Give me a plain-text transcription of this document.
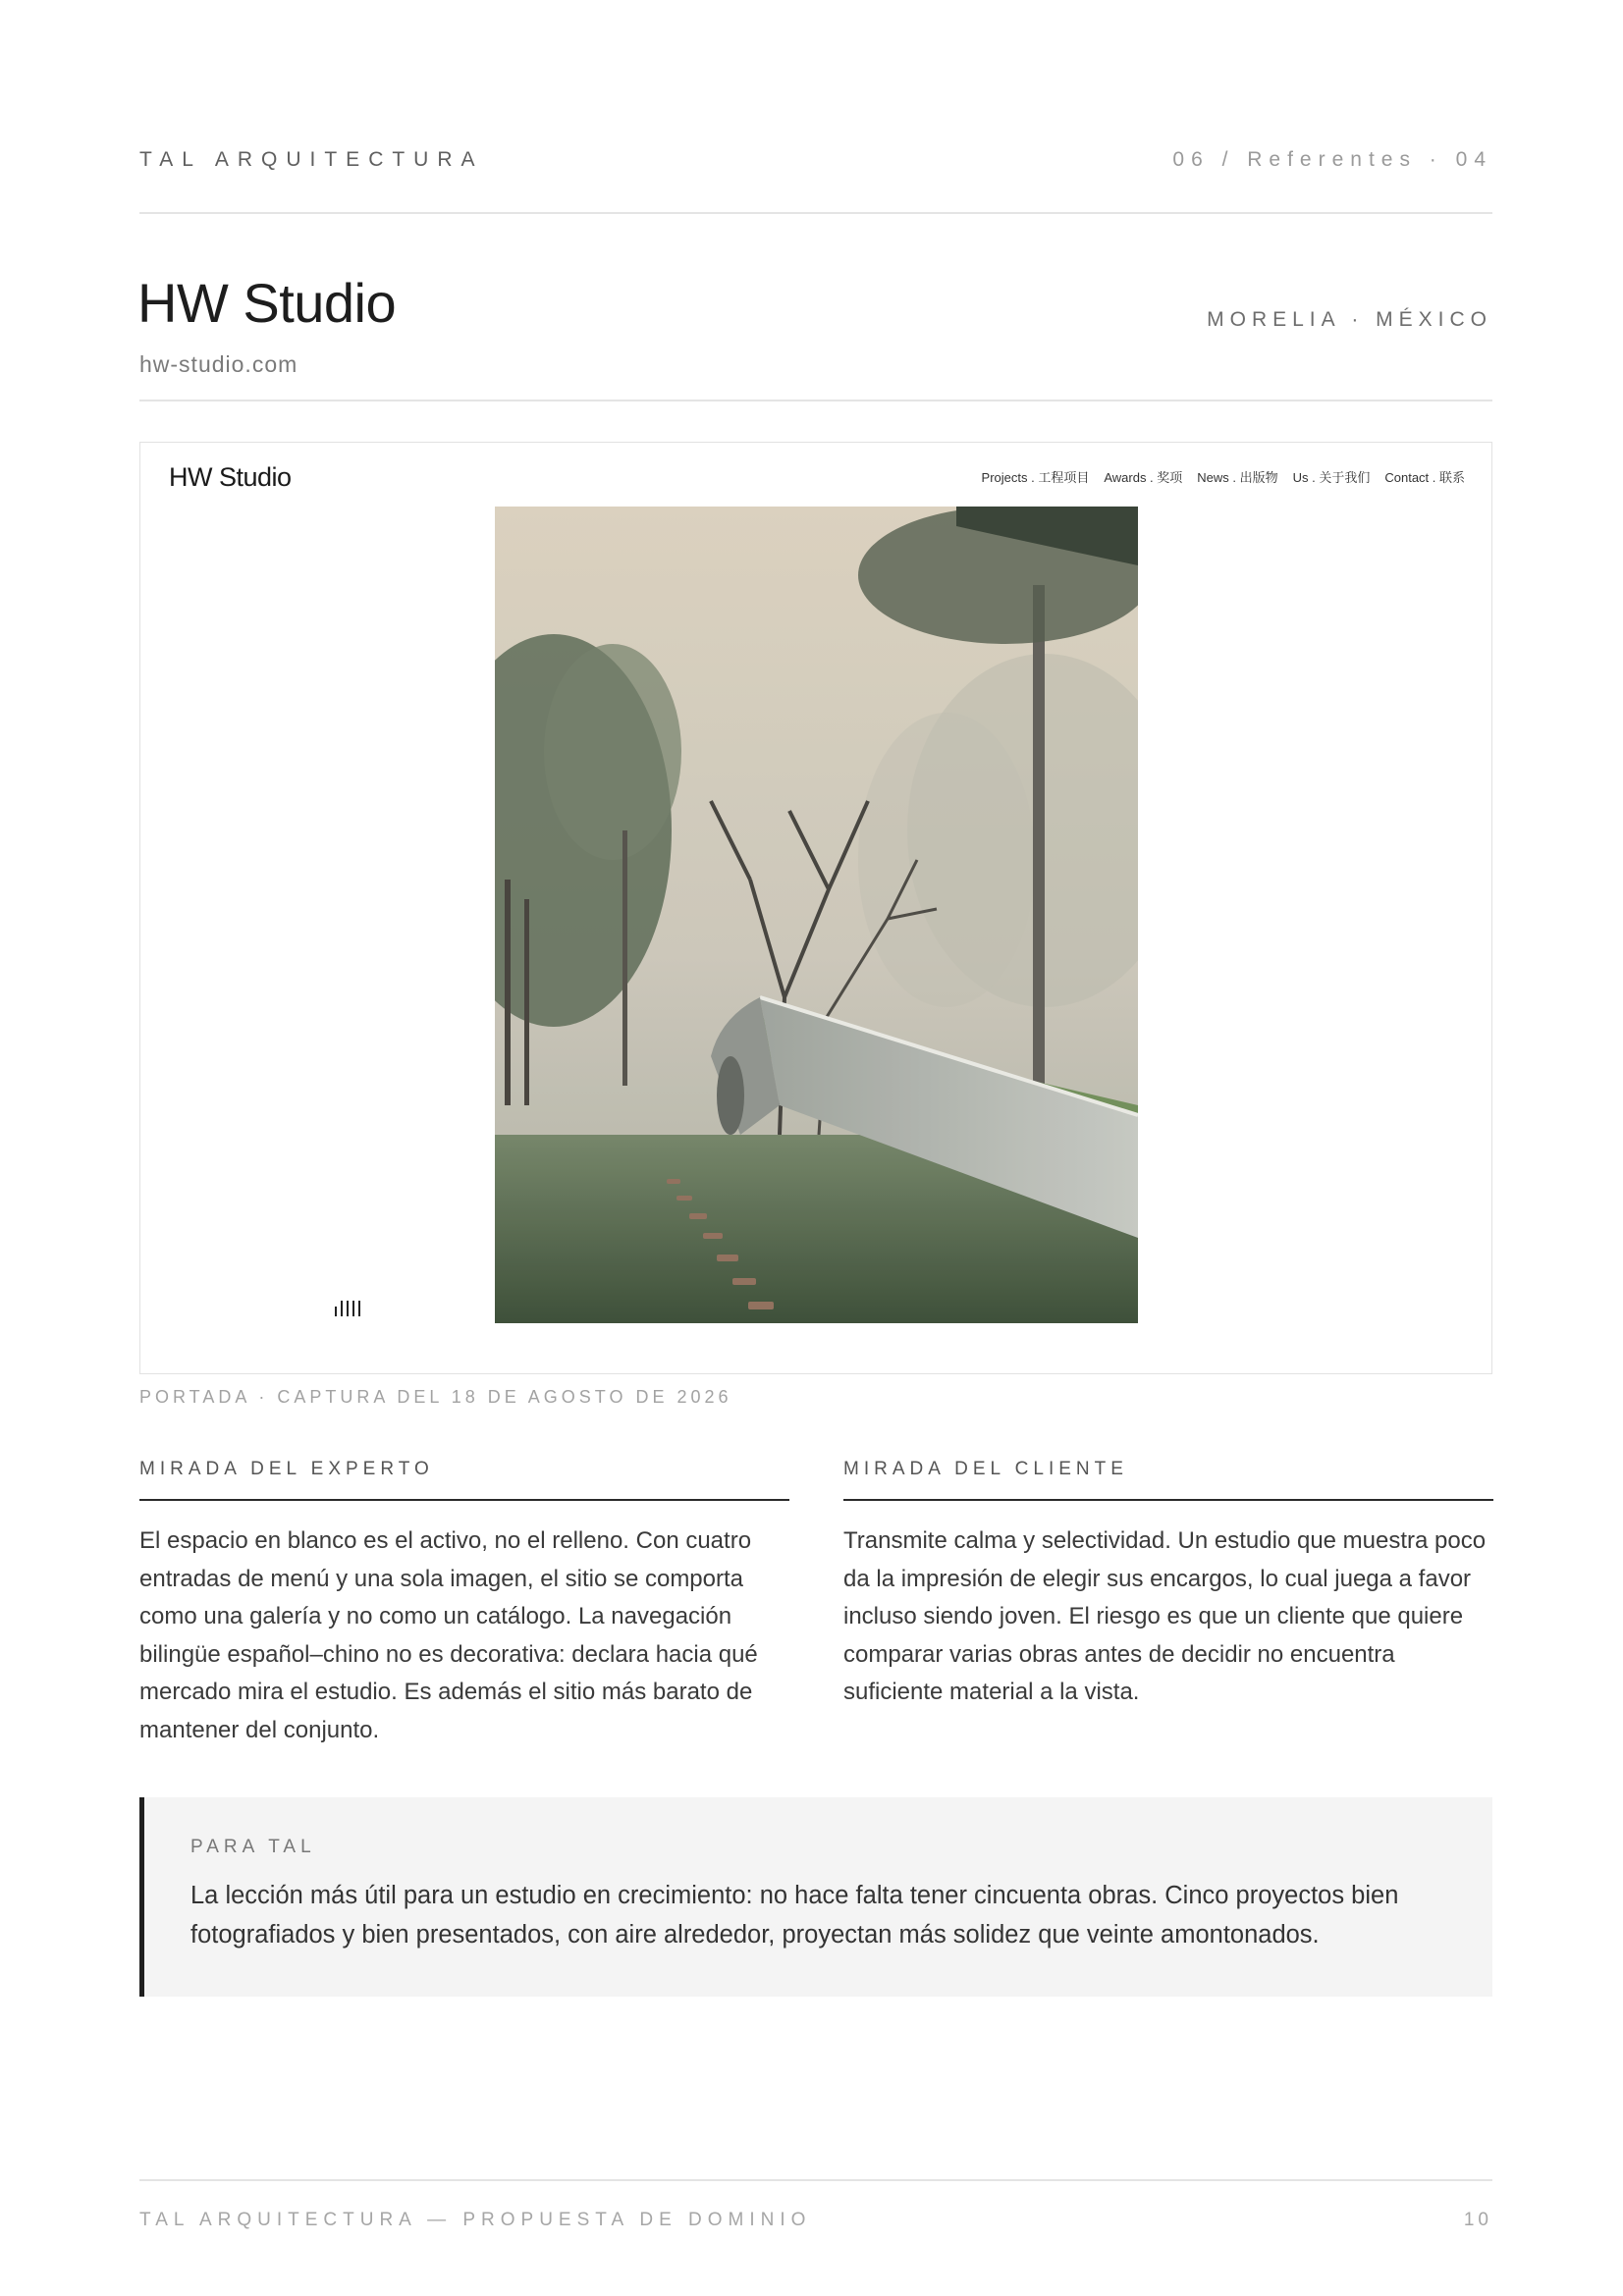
TAL ARQUITECTURA	06 / Referentes · 04
HW Studio
hw-studio.com
MORELIA · MÉXICO
HW Studio	Projects . 工程项目 Awards . 奖项 News . 出版物 Us . 关于我们 Contact . 联系
PORTADA · CAPTURA DEL 18 DE AGOSTO DE 2026
MIRADA DEL EXPERTO
El espacio en blanco es el activo, no el relleno. Con cuatro entradas de menú y una sola imagen, el sitio se comporta como una galería y no como un catálogo. La navegación bilingüe español–chino no es decorativa: declara hacia qué mercado mira el estudio. Es además el sitio más barato de mantener del conjunto.
MIRADA DEL CLIENTE
Transmite calma y selectividad. Un estudio que muestra poco da la impresión de elegir sus encargos, lo cual juega a favor incluso siendo joven. El riesgo es que un cliente que quiere comparar varias obras antes de decidir no encuentra suficiente material a la vista.
PARA TAL
La lección más útil para un estudio en crecimiento: no hace falta tener cincuenta obras. Cinco proyectos bien fotografiados y bien presentados, con aire alrededor, proyectan más solidez que veinte amontonados.
TAL ARQUITECTURA — PROPUESTA DE DOMINIO	10
